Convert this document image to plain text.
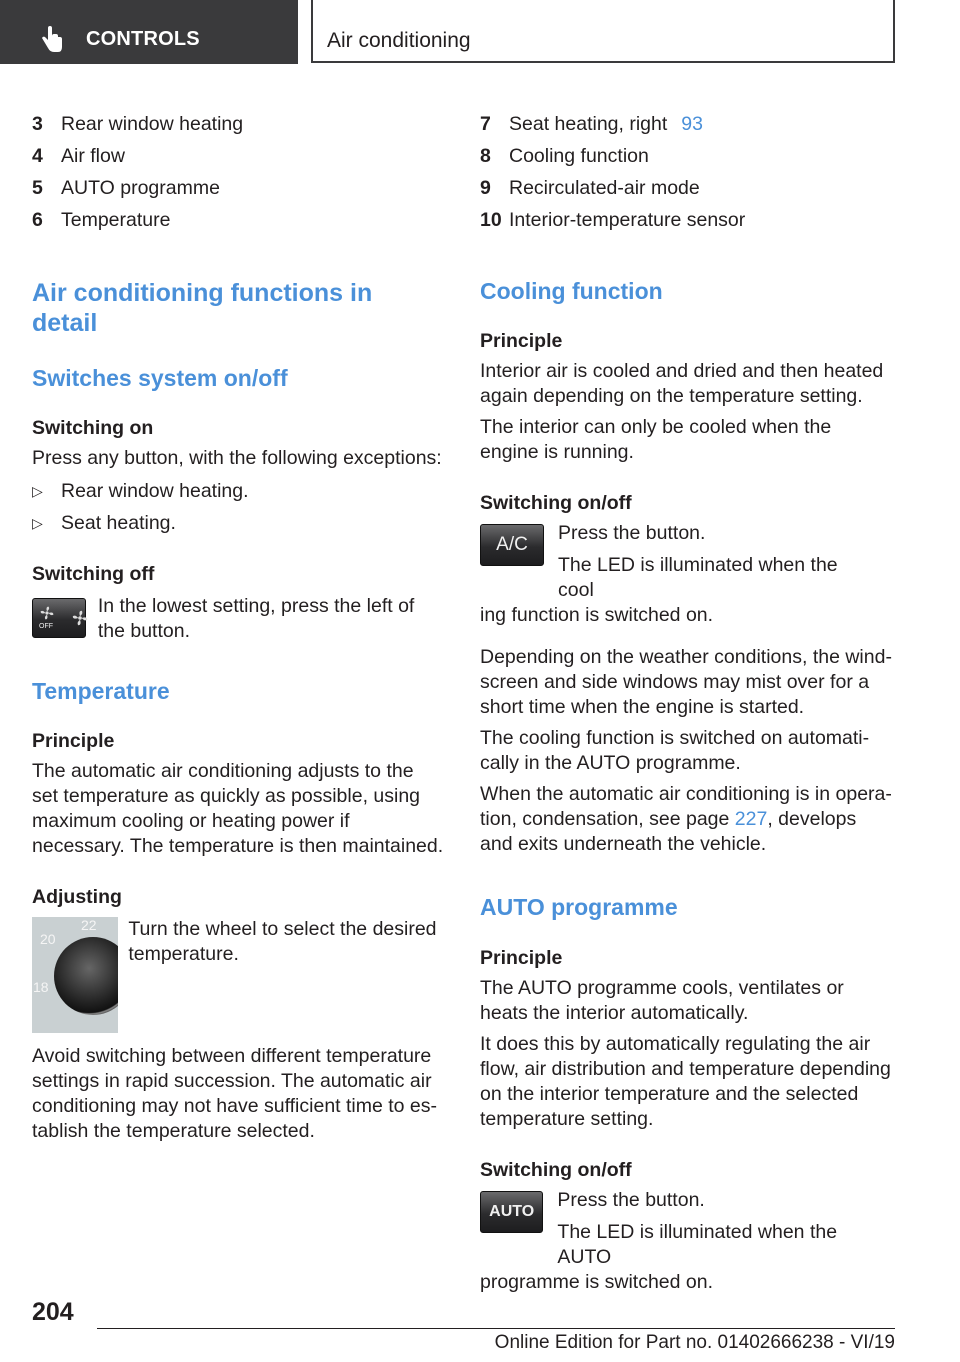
CONTROLS	Air conditioning
3 Rear window heating
4 Air flow
5 AUTO programme
6 Temperature
Air conditioning functions in detail
Switches system on/off
Switching on

Press any button, with the following exceptions:

▷ Rear window heating.
▷ Seat heating.
Switching off
OFF

In the lowest setting, press the left of the button.

Temperature
Principle

The automatic air conditioning adjusts to the set temperature as quickly as possible, using maximum cooling or heating power if necessary. The temperature is then maintained.

Adjusting
22
20
18

Turn the wheel to select the desired temperature.

Avoid switching between different temperature settings in rapid succession. The automatic air conditioning may not have sufficient time to establish the temperature selected.

7 Seat heating, right 93
8 Cooling function
9 Recirculated-air mode
10 Interior-temperature sensor
Cooling function
Principle

Interior air is cooled and dried and then heated again depending on the temperature setting.

The interior can only be cooled when the engine is running.

Switching on/off
A/C

Press the button.

The LED is illuminated when the cool

ing function is switched on.

Depending on the weather conditions, the windscreen and side windows may mist over for a short time when the engine is started.

The cooling function is switched on automatically in the AUTO programme.

When the automatic air conditioning is in operation, condensation, see page 227, develops and exits underneath the vehicle.

AUTO programme
Principle

The AUTO programme cools, ventilates or heats the interior automatically.

It does this by automatically regulating the air flow, air distribution and temperature depending on the interior temperature and the selected temperature setting.

Switching on/off
AUTO

Press the button.

The LED is illuminated when the AUTO

programme is switched on.

204
Online Edition for Part no. 01402666238 - VI/19
